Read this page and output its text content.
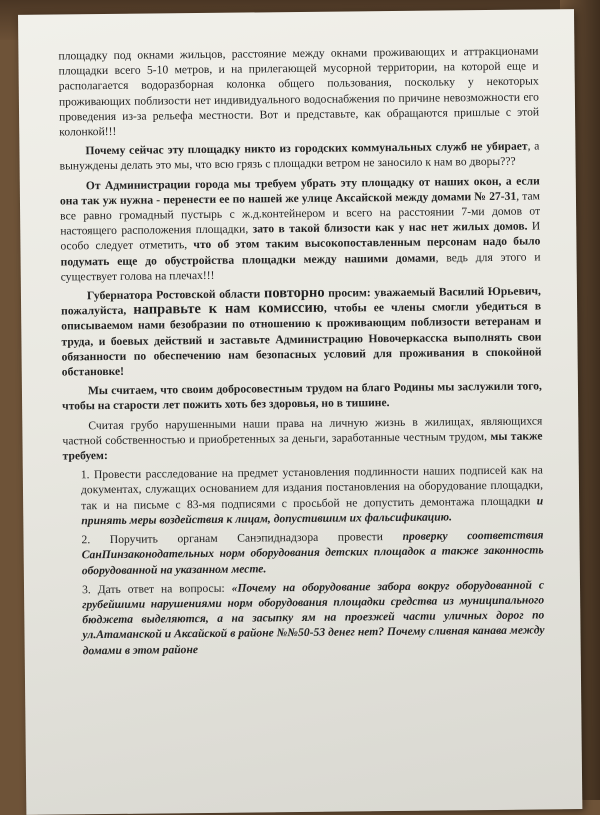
площадку под окнами жильцов, расстояние между окнами проживающих и аттракционами площадки всего 5-10 метров, и на прилегающей мусорной территории, на которой еще и располагается водоразборная колонка общего пользования, поскольку у некоторых проживающих поблизости нет индивидуального водоснабжения по причине невозможности его проведения из-за рельефа местности. Вот и представьте, как обращаются пришлые с этой колонкой!!!

Почему сейчас эту площадку никто из городских коммунальных служб не убирает, а вынуждены делать это мы, что всю грязь с площадки ветром не заносило к нам во дворы???

От Администрации города мы требуем убрать эту площадку от наших окон, а если она так уж нужна - перенести ее по нашей же улице Аксайской между домами № 27-31, там все равно громадный пустырь с ж.д.контейнером и всего на расстоянии 7-ми домов от настоящего расположения площадки, зато в такой близости как у нас нет жилых домов. И особо следует отметить, что об этом таким высокопоставленным персонам надо было подумать еще до обустройства площадки между нашими домами, ведь для этого и существует голова на плечах!!!

Губернатора Ростовской области повторно просим: уважаемый Василий Юрьевич, пожалуйста, направьте к нам комиссию, чтобы ее члены смогли убедиться в описываемом нами безобразии по отношению к проживающим поблизости ветеранам и труда, и боевых действий и заставьте Администрацию Новочеркасска выполнять свои обязанности по обеспечению нам безопасных условий для проживания в спокойной обстановке!

Мы считаем, что своим добросовестным трудом на благо Родины мы заслужили того, чтобы на старости лет пожить хоть без здоровья, но в тишине.

Считая грубо нарушенными наши права на личную жизнь в жилищах, являющихся частной собственностью и приобретенных за деньги, заработанные честным трудом, мы также требуем:

1. Провести расследование на предмет установления подлинности наших подписей как на документах, служащих основанием для издания постановления на оборудование площадки, так и на письме с 83-мя подписями с просьбой не допустить демонтажа площадки и принять меры воздействия к лицам, допустившим их фальсификацию.

2. Поручить органам Санэпиднадзора провести проверку соответствия СанПинзаконодательных норм оборудования детских площадок а также законность оборудованной на указанном месте.

3. Дать ответ на вопросы: «Почему на оборудование забора вокруг оборудованной с грубейшими нарушениями норм оборудования площадки средства из муниципального бюджета выделяются, а на засыпку ям на проезжей части уличных дорог по ул.Атаманской и Аксайской в районе №№50-53 денег нет? Почему сливная канава между домами в этом районе
